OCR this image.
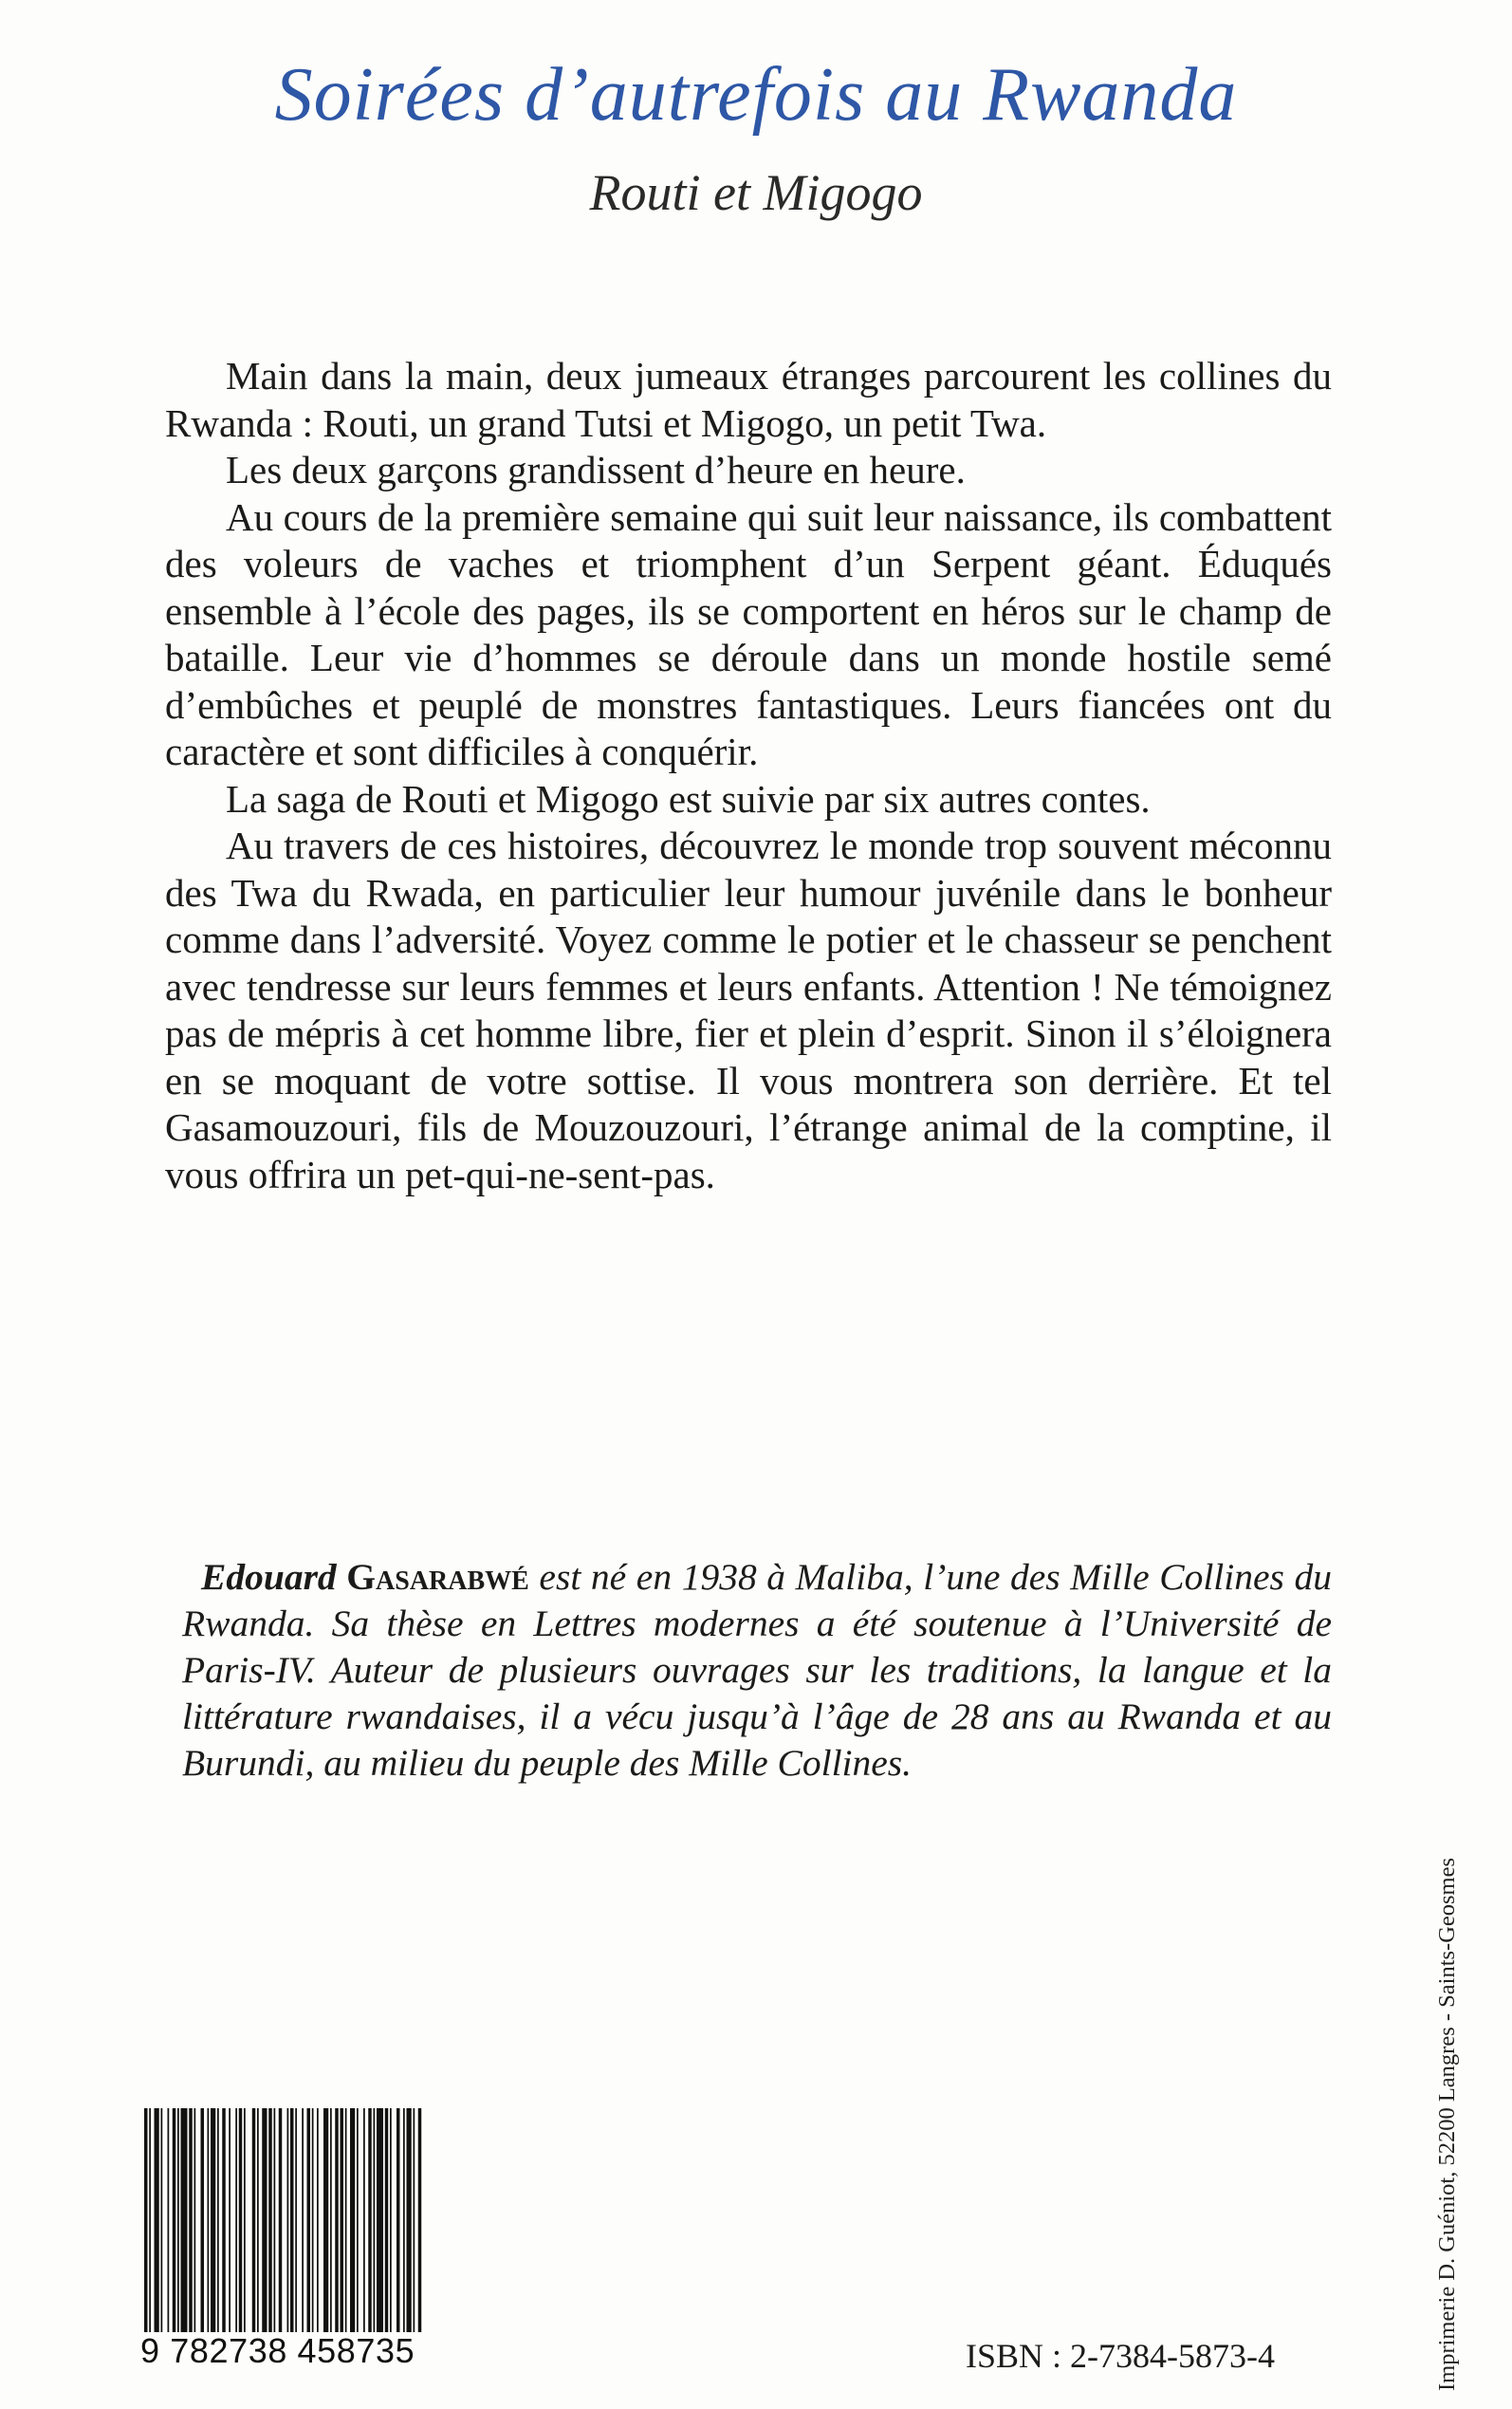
Soirées d’autrefois au Rwanda
Routi et Migogo

Main dans la main, deux jumeaux étranges parcourent les collines du Rwanda : Routi, un grand Tutsi et Migogo, un petit Twa.

Les deux garçons grandissent d’heure en heure.

Au cours de la première semaine qui suit leur naissance, ils combattent des voleurs de vaches et triomphent d’un Serpent géant. Éduqués ensemble à l’école des pages, ils se comportent en héros sur le champ de bataille. Leur vie d’hommes se déroule dans un monde hostile semé d’embûches et peuplé de monstres fantastiques. Leurs fiancées ont du caractère et sont difficiles à conquérir.

La saga de Routi et Migogo est suivie par six autres contes.

Au travers de ces histoires, découvrez le monde trop souvent méconnu des Twa du Rwada, en particulier leur humour juvénile dans le bonheur comme dans l’adversité. Voyez comme le potier et le chasseur se penchent avec tendresse sur leurs femmes et leurs enfants. Attention ! Ne témoignez pas de mépris à cet homme libre, fier et plein d’esprit. Sinon il s’éloignera en se moquant de votre sottise. Il vous montrera son derrière. Et tel Gasamouzouri, fils de Mouzouzouri, l’étrange animal de la comptine, il vous offrira un pet-qui-ne-sent-pas.

Edouard Gasarabwé est né en 1938 à Maliba, l’une des Mille Collines du Rwanda. Sa thèse en Lettres modernes a été soutenue à l’Université de Paris-IV. Auteur de plusieurs ouvrages sur les traditions, la langue et la littérature rwandaises, il a vécu jusqu’à l’âge de 28 ans au Rwanda et au Burundi, au milieu du peuple des Mille Collines.

Imprimerie D. Guéniot, 52200 Langres - Saints-Geosmes
9 782738 458735	ISBN : 2-7384-5873-4
